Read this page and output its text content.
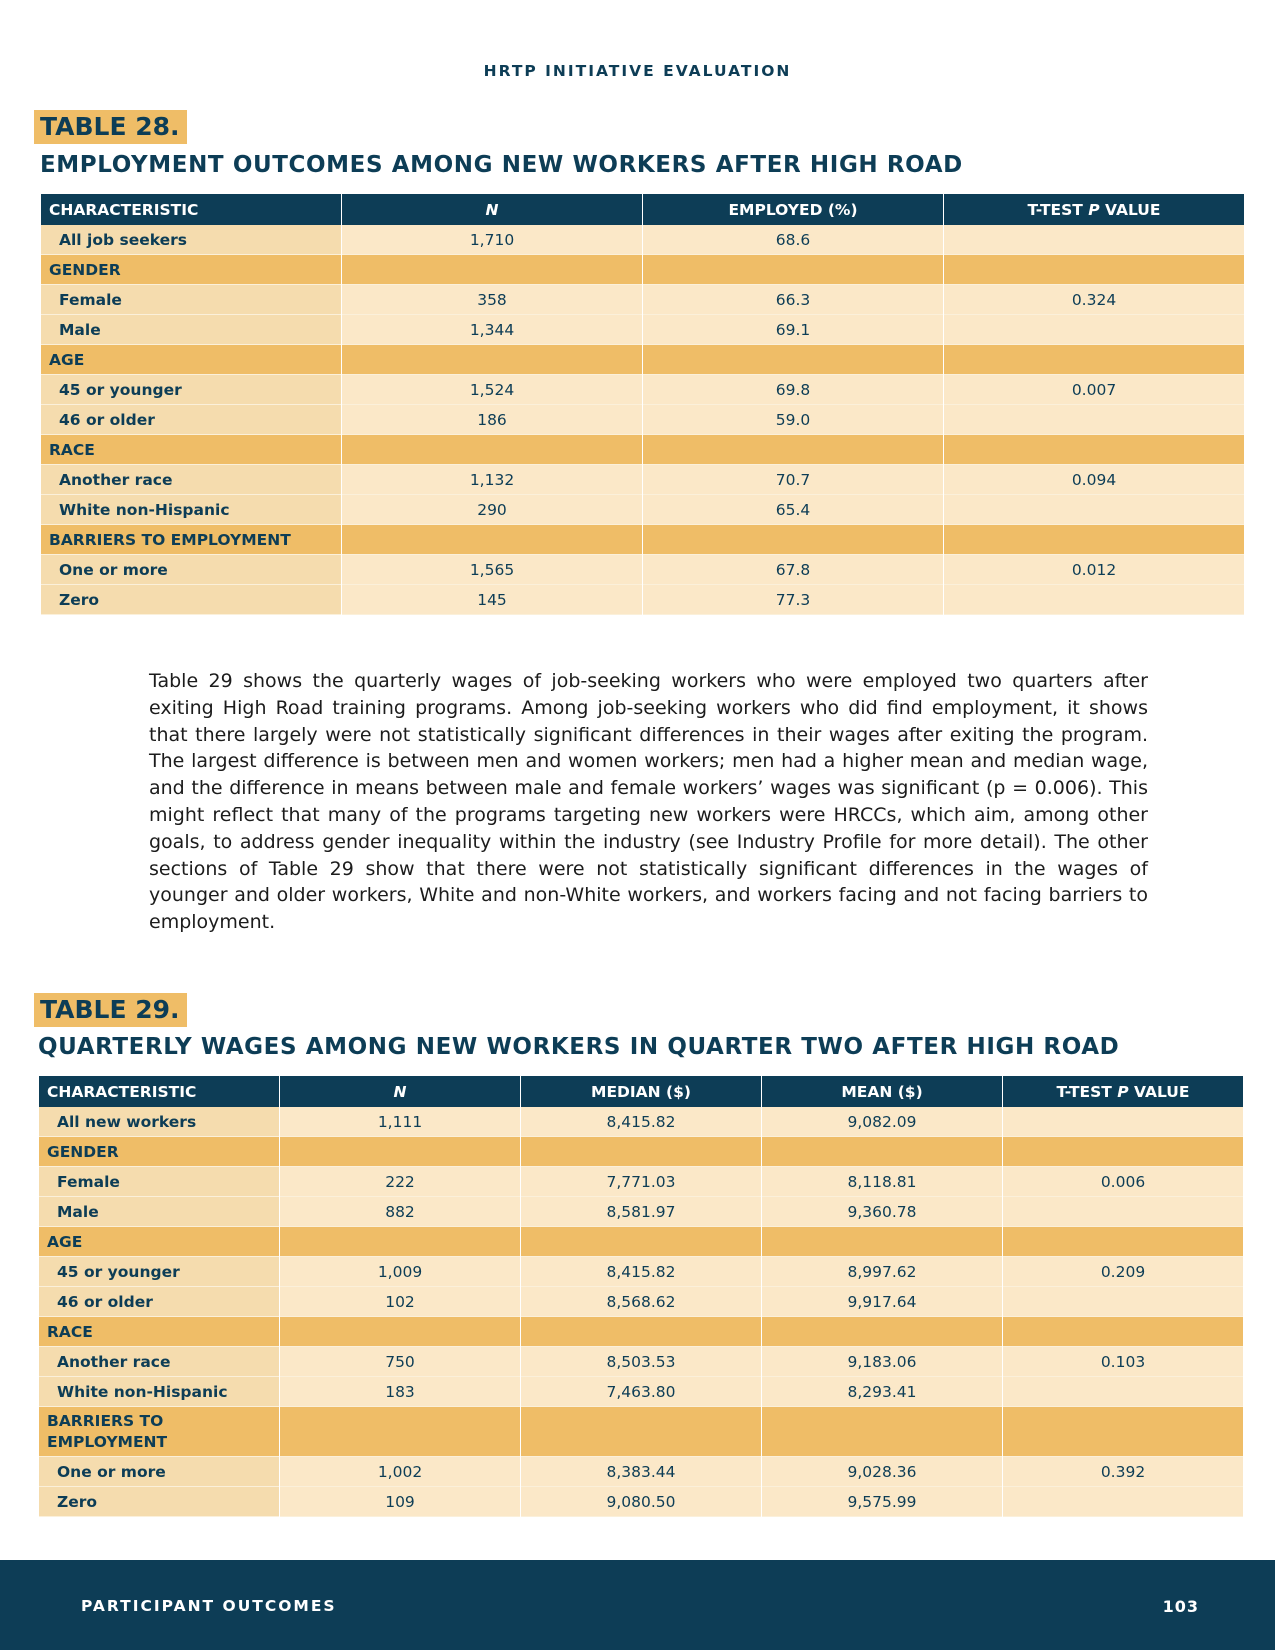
HRTP INITIATIVE EVALUATION
TABLE 28.
EMPLOYMENT OUTCOMES AMONG NEW WORKERS AFTER HIGH ROAD
CHARACTERISTIC	N	EMPLOYED (%)	T-TEST P VALUE
All job seekers	1,710	68.6	
GENDER			
Female	358	66.3	0.324
Male	1,344	69.1	
AGE			
45 or younger	1,524	69.8	0.007
46 or older	186	59.0	
RACE			
Another race	1,132	70.7	0.094
White non-Hispanic	290	65.4	
BARRIERS TO EMPLOYMENT			
One or more	1,565	67.8	0.012
Zero	145	77.3	
Table 29 shows the quarterly wages of job-seeking workers who were employed two quarters after exiting High Road training programs. Among job-seeking workers who did find employment, it shows that there largely were not statistically significant differences in their wages after exiting the program. The largest difference is between men and women workers; men had a higher mean and median wage, and the difference in means between male and female workers’ wages was significant (p = 0.006). This might reflect that many of the programs targeting new workers were HRCCs, which aim, among other goals, to address gender inequality within the industry (see Industry Profile for more detail). The other sections of Table 29 show that there were not statistically significant differences in the wages of younger and older workers, White and non-White workers, and workers facing and not facing barriers to employment.
TABLE 29.
QUARTERLY WAGES AMONG NEW WORKERS IN QUARTER TWO AFTER HIGH ROAD
CHARACTERISTIC	N	MEDIAN ($)	MEAN ($)	T-TEST P VALUE
All new workers	1,111	8,415.82	9,082.09	
GENDER				
Female	222	7,771.03	8,118.81	0.006
Male	882	8,581.97	9,360.78	
AGE				
45 or younger	1,009	8,415.82	8,997.62	0.209
46 or older	102	8,568.62	9,917.64	
RACE				
Another race	750	8,503.53	9,183.06	0.103
White non-Hispanic	183	7,463.80	8,293.41	
BARRIERS TO EMPLOYMENT				
One or more	1,002	8,383.44	9,028.36	0.392
Zero	109	9,080.50	9,575.99	
PARTICIPANT OUTCOMES	103
